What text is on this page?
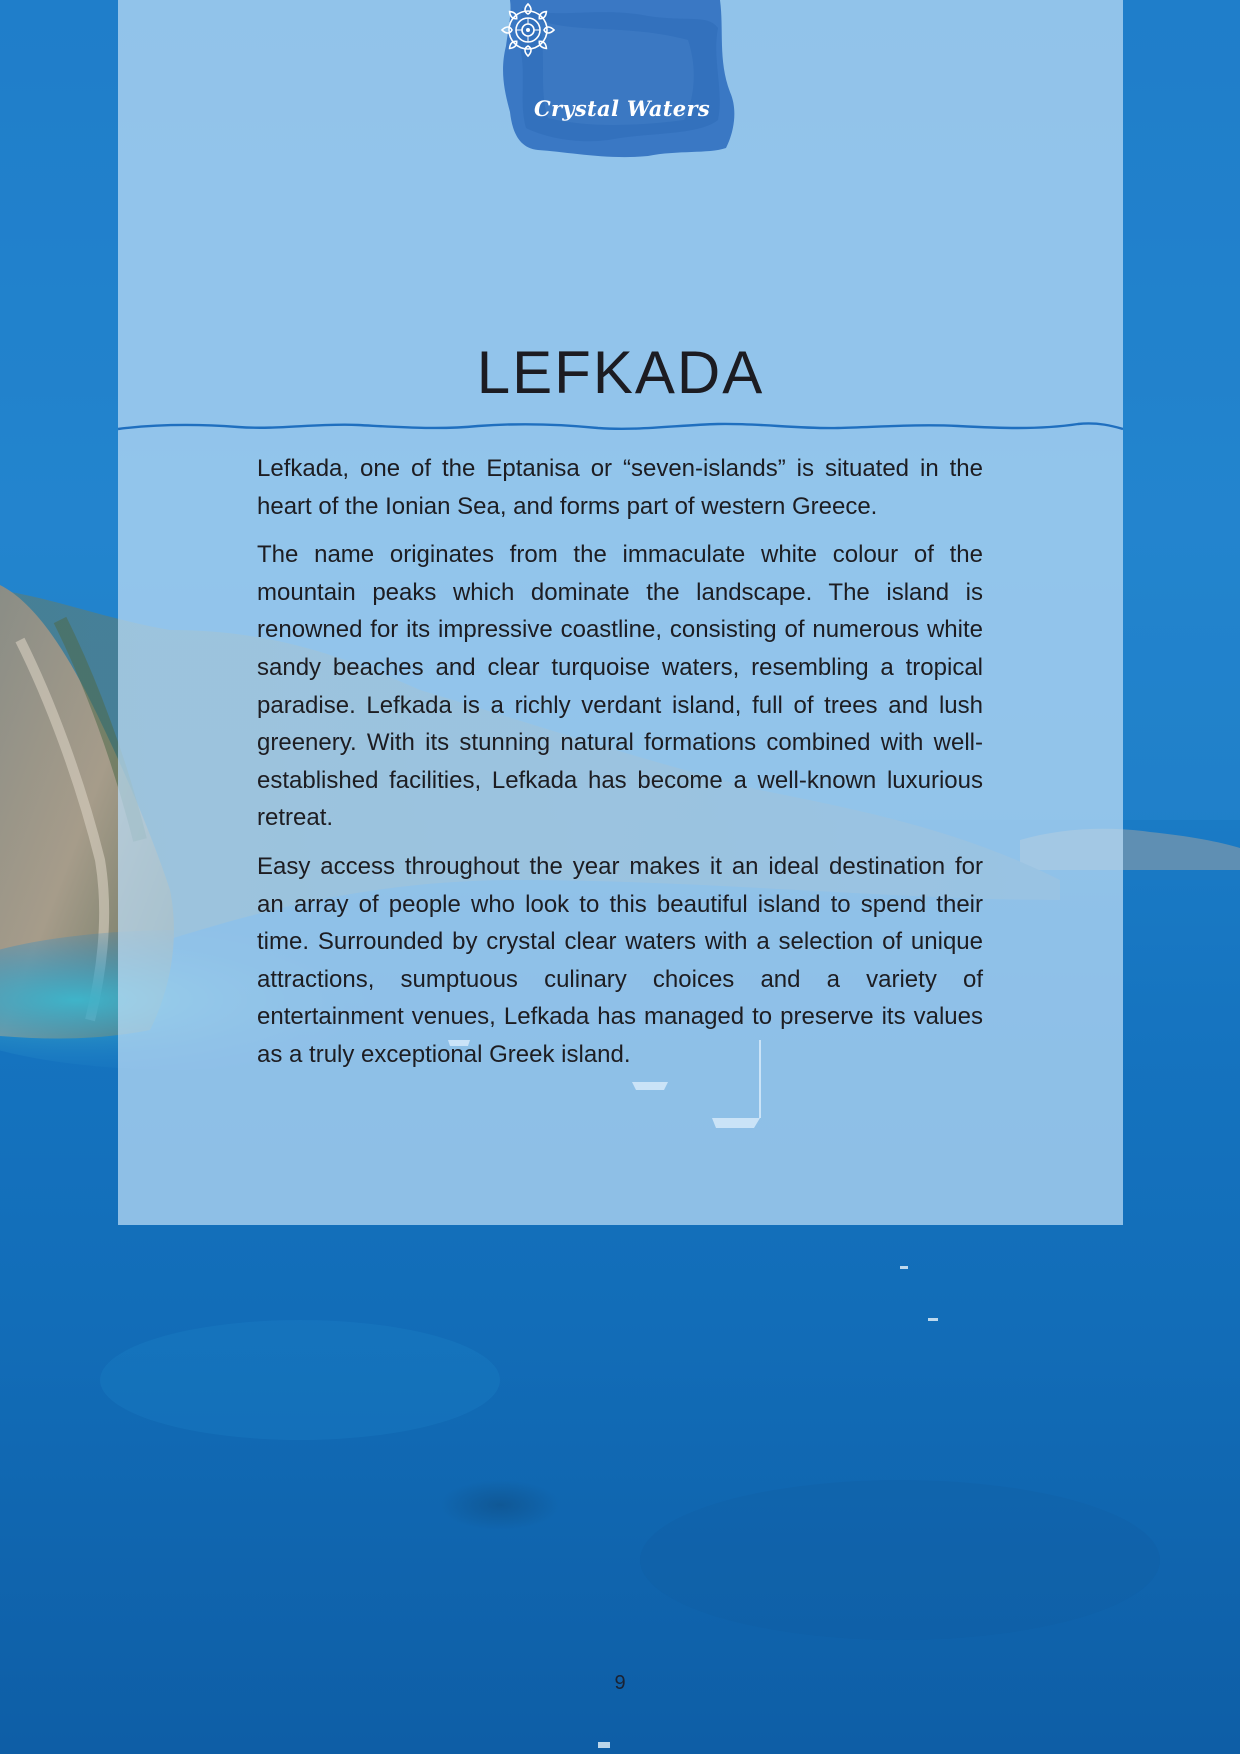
Crystal Waters
LEFKADA

Lefkada, one of the Eptanisa or “seven-islands” is situated in the heart of the Ionian Sea, and forms part of western Greece.

The name originates from the immaculate white colour of the mountain peaks which dominate the landscape. The island is renowned for its impressive coastline, consisting of numerous white sandy beaches and clear turquoise waters, resembling a tropical paradise. Lefkada is a richly verdant island, full of trees and lush greenery. With its stunning natural formations combined with well-established facilities, Lefkada has become a well-known luxurious retreat.

Easy access throughout the year makes it an ideal destination for an array of people who look to this beautiful island to spend their time. Surrounded by crystal clear waters with a selection of unique attractions, sumptuous culinary choices and a variety of entertainment venues, Lefkada has managed to preserve its values as a truly exceptional Greek island.

9
